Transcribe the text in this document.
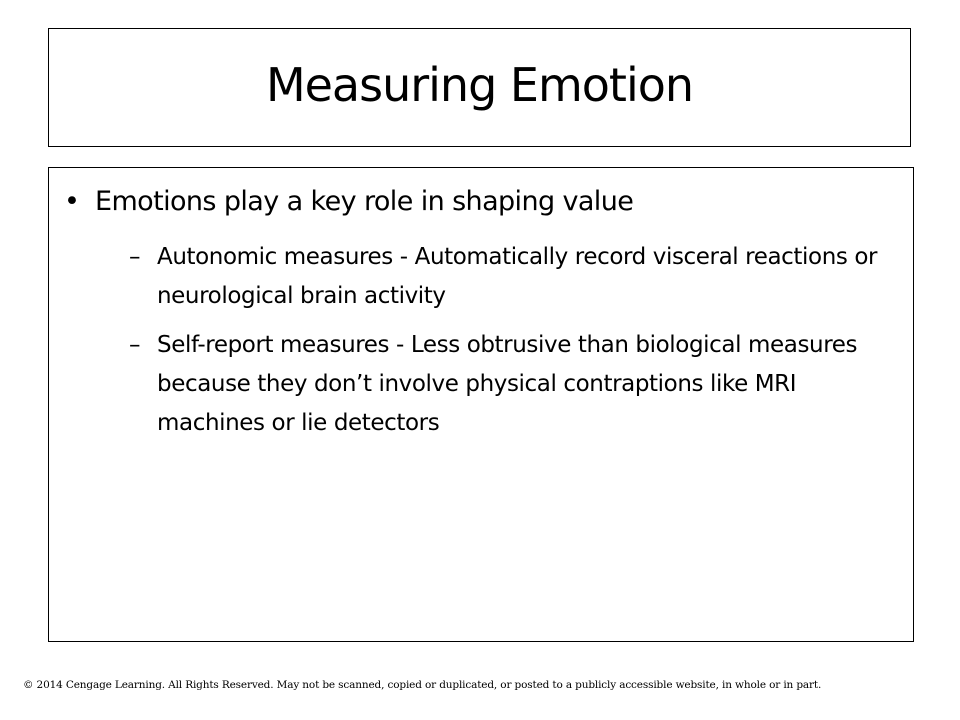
Measuring Emotion
• Emotions play a key role in shaping value
– Autonomic measures - Automatically record visceral reactions or neurological brain activity
– Self-report measures - Less obtrusive than biological measures because they don’t involve physical contraptions like MRI machines or lie detectors
© 2014 Cengage Learning. All Rights Reserved. May not be scanned, copied or duplicated, or posted to a publicly accessible website, in whole or in part.
